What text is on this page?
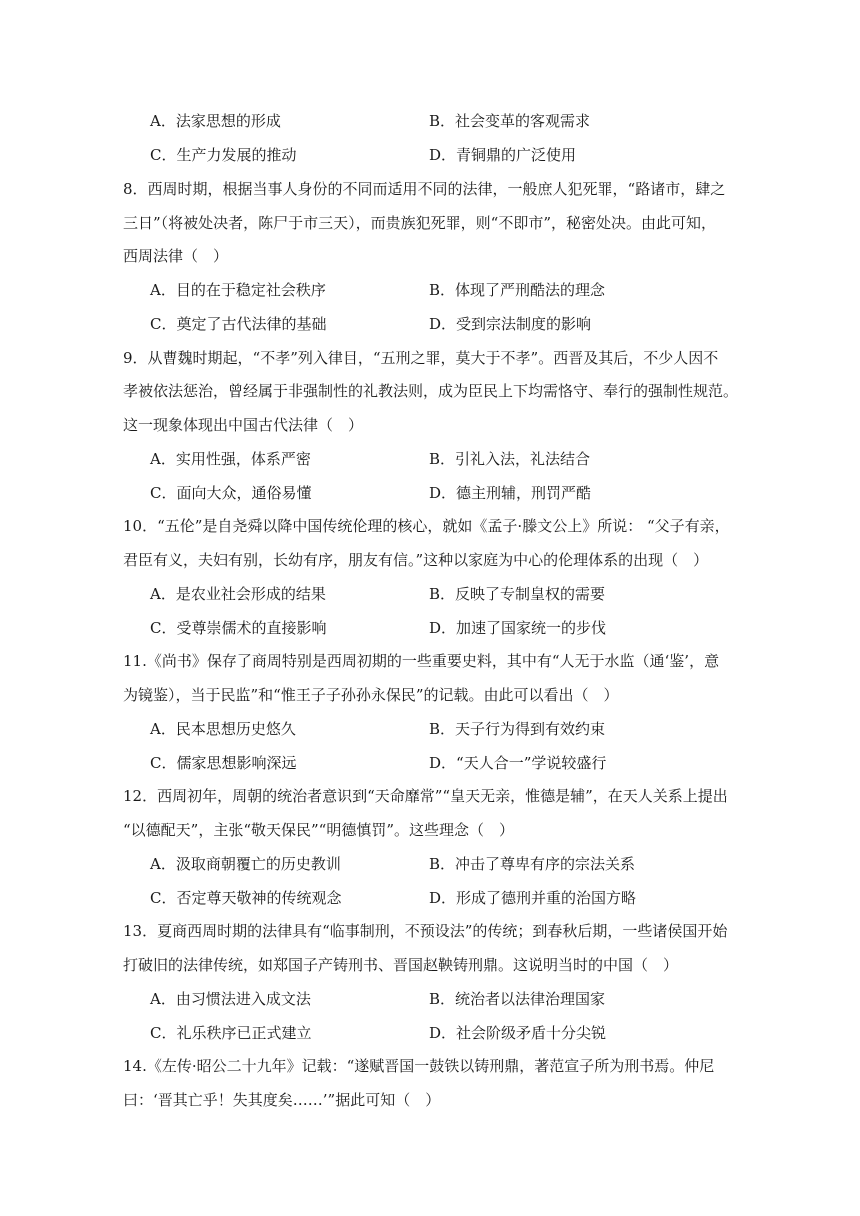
A．法家思想的形成	B．社会变革的客观需求
C．生产力发展的推动	D．青铜鼎的广泛使用
8．西周时期，根据当事人身份的不同而适用不同的法律，一般庶人犯死罪，“路诸市，肆之
三日”（将被处决者，陈尸于市三天），而贵族犯死罪，则“不即市”，秘密处决。由此可知，
西周法律（　）
A．目的在于稳定社会秩序	B．体现了严刑酷法的理念
C．奠定了古代法律的基础	D．受到宗法制度的影响
9．从曹魏时期起，“不孝”列入律目，“五刑之罪，莫大于不孝”。西晋及其后，不少人因不
孝被依法惩治，曾经属于非强制性的礼教法则，成为臣民上下均需恪守、奉行的强制性规范。
这一现象体现出中国古代法律（　）
A．实用性强，体系严密	B．引礼入法，礼法结合
C．面向大众，通俗易懂	D．德主刑辅，刑罚严酷
10．“五伦”是自尧舜以降中国传统伦理的核心，就如《孟子·滕文公上》所说： “父子有亲，
君臣有义，夫妇有别，长幼有序，朋友有信。”这种以家庭为中心的伦理体系的出现（　）
A．是农业社会形成的结果	B．反映了专制皇权的需要
C．受尊崇儒术的直接影响	D．加速了国家统一的步伐
11.《尚书》保存了商周特别是西周初期的一些重要史料，其中有“人无于水监（通‘鉴’，意
为镜鉴），当于民监”和“惟王子子孙孙永保民”的记载。由此可以看出（　）
A．民本思想历史悠久	B．天子行为得到有效约束
C．儒家思想影响深远	D．“天人合一”学说较盛行
12．西周初年，周朝的统治者意识到“天命靡常”“皇天无亲，惟德是辅”，在天人关系上提出
“以德配天”，主张“敬天保民”“明德慎罚”。这些理念（　）
A．汲取商朝覆亡的历史教训	B．冲击了尊卑有序的宗法关系
C．否定尊天敬神的传统观念	D．形成了德刑并重的治国方略
13．夏商西周时期的法律具有“临事制刑，不预设法”的传统；到春秋后期，一些诸侯国开始
打破旧的法律传统，如郑国子产铸刑书、晋国赵鞅铸刑鼎。这说明当时的中国（　）
A．由习惯法进入成文法	B．统治者以法律治理国家
C．礼乐秩序已正式建立	D．社会阶级矛盾十分尖锐
14.《左传·昭公二十九年》记载：“遂赋晋国一鼓铁以铸刑鼎，著范宣子所为刑书焉。仲尼
曰：‘晋其亡乎！失其度矣……’”据此可知（　）
